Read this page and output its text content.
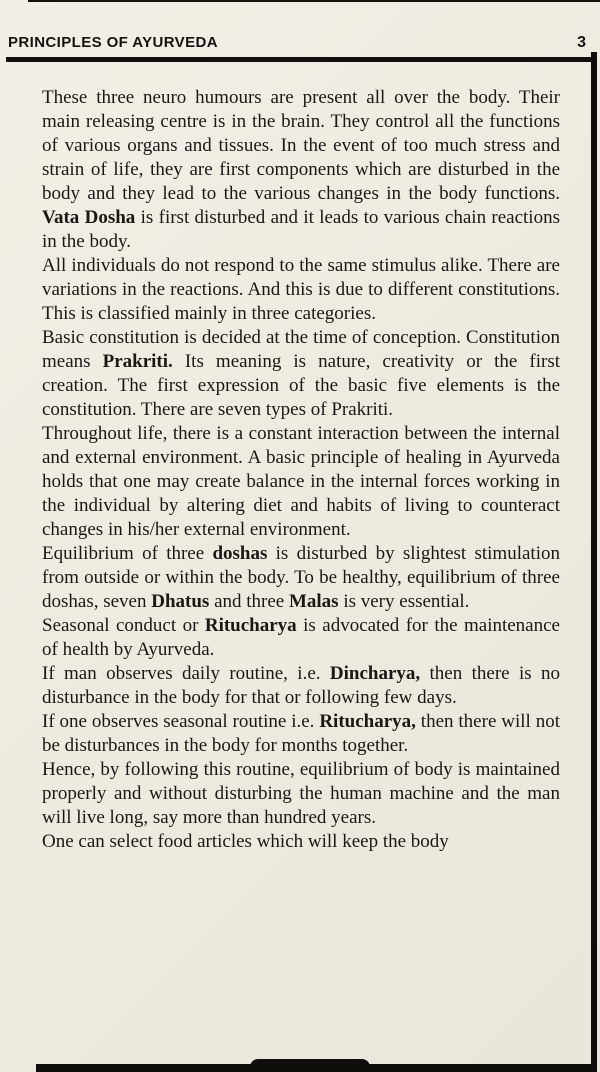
PRINCIPLES OF AYURVEDA	3

These three neuro humours are present all over the body. Their main releasing centre is in the brain. They control all the functions of various organs and tissues. In the event of too much stress and strain of life, they are first components which are disturbed in the body and they lead to the various changes in the body functions. Vata Dosha is first disturbed and it leads to various chain reactions in the body.

All individuals do not respond to the same stimulus alike. There are variations in the reactions. And this is due to different constitutions. This is classified mainly in three categories.

Basic constitution is decided at the time of conception. Constitution means Prakriti. Its meaning is nature, creativity or the first creation. The first expression of the basic five elements is the constitution. There are seven types of Prakriti.

Throughout life, there is a constant interaction between the internal and external environment. A basic principle of healing in Ayurveda holds that one may create balance in the internal forces working in the individual by altering diet and habits of living to counteract changes in his/her external environment.

Equilibrium of three doshas is disturbed by slightest stimulation from outside or within the body. To be healthy, equilibrium of three doshas, seven Dhatus and three Malas is very essential.

Seasonal conduct or Ritucharya is advocated for the maintenance of health by Ayurveda.

If man observes daily routine, i.e. Dincharya, then there is no disturbance in the body for that or following few days.

If one observes seasonal routine i.e. Ritucharya, then there will not be disturbances in the body for months together.

Hence, by following this routine, equilibrium of body is maintained properly and without disturbing the human machine and the man will live long, say more than hundred years.

One can select food articles which will keep the body
